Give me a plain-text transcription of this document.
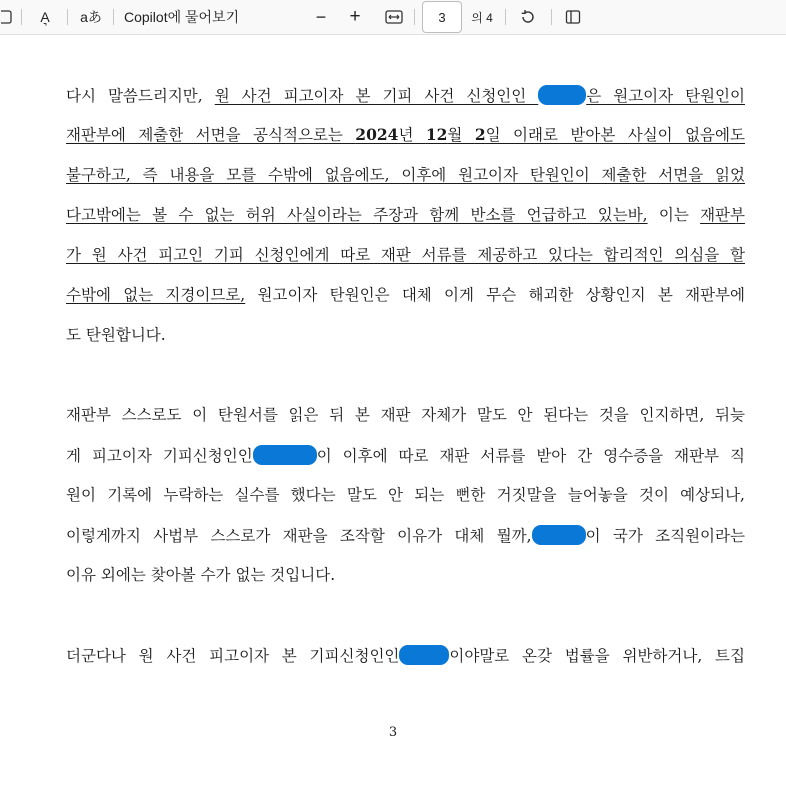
A͉ aあ Copilot에 물어보기	− +	3	의 4

다시 말씀드리지만, 원 사건 피고이자 본 기피 사건 신청인인	은 원고이자 탄원인이
재판부에 제출한 서면을 공식적으로는 2024년 12월 2일 이래로 받아본 사실이 없음에도
불구하고, 즉 내용을 모를 수밖에 없음에도, 이후에 원고이자 탄원인이 제출한 서면을 읽었
다고밖에는 볼 수 없는 허위 사실이라는 주장과 함께 반소를 언급하고 있는바, 이는 재판부
가 원 사건 피고인 기피 신청인에게 따로 재판 서류를 제공하고 있다는 합리적인 의심을 할
수밖에 없는 지경이므로, 원고이자 탄원인은 대체 이게 무슨 해괴한 상황인지 본 재판부에
도 탄원합니다.
재판부 스스로도 이 탄원서를 읽은 뒤 본 재판 자체가 말도 안 된다는 것을 인지하면, 뒤늦
게 피고이자 기피신청인인	이 이후에 따로 재판 서류를 받아 간 영수증을 재판부 직
원이 기록에 누락하는 실수를 했다는 말도 안 되는 뻔한 거짓말을 늘어놓을 것이 예상되나,
이렇게까지 사법부 스스로가 재판을 조작할 이유가 대체 뭘까,	이 국가 조직원이라는
이유 외에는 찾아볼 수가 없는 것입니다.
더군다나 원 사건 피고이자 본 기피신청인인	이야말로 온갖 법률을 위반하거나, 트집
3
